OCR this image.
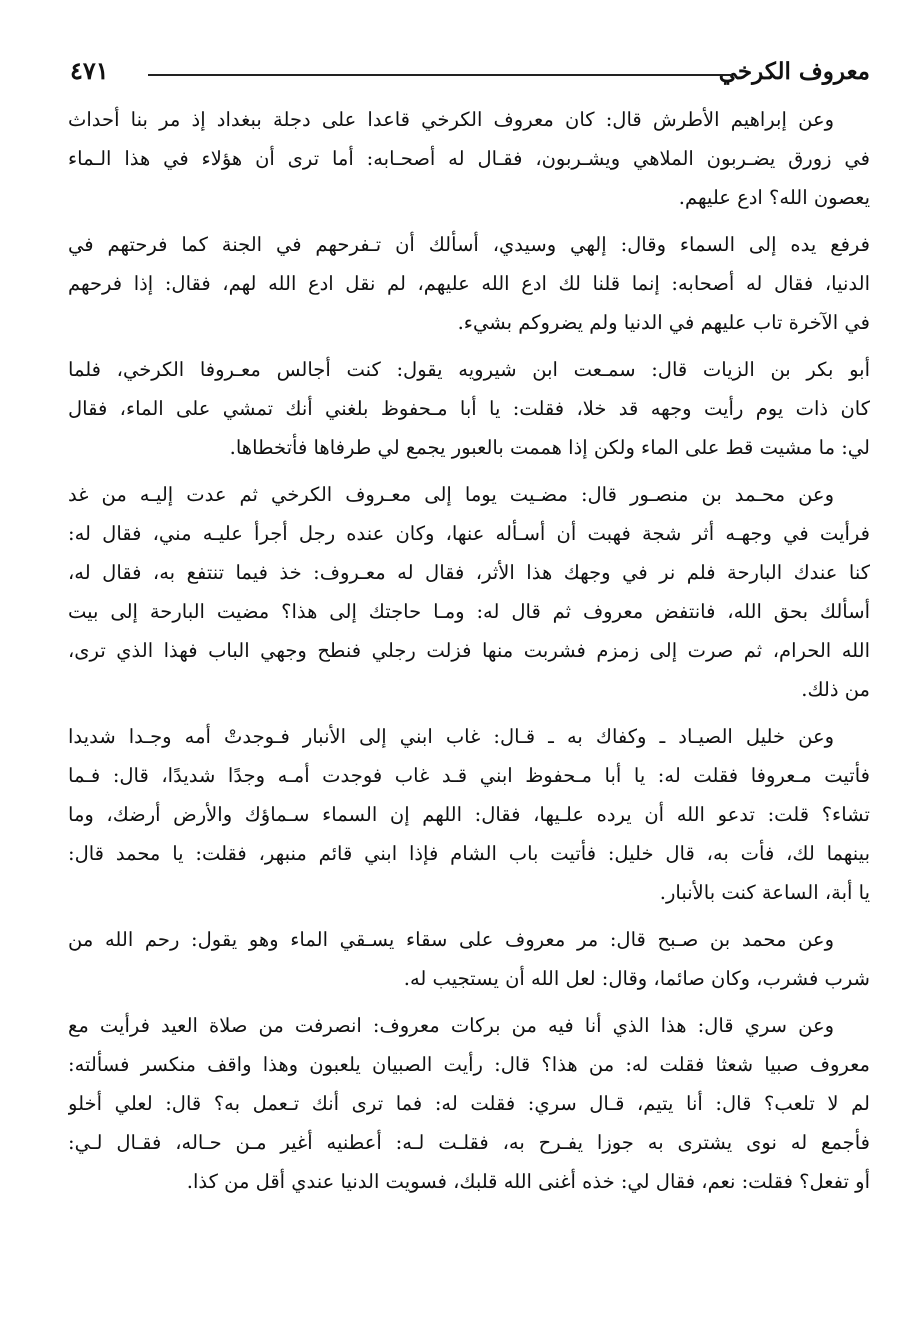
معروف الكرخي
٤٧١
وعن إبراهيم الأطرش قال: كان معروف الكرخي قاعدا على دجلة ببغداد إذ مر بنا أحداث
في زورق يضـربون الملاهي ويشـربون، فقـال له أصحـابه: أما ترى أن هؤلاء في هذا الـماء
يعصون الله؟ ادع عليهم.
فرفع يده إلى السماء وقال: إلهي وسيدي، أسألك أن تـفرحهم في الجنة كما فرحتهم في
الدنيا، فقال له أصحابه: إنما قلنا لك ادع الله عليهم، لم نقل ادع الله لهم، فقال: إذا فرحهم
في الآخرة تاب عليهم في الدنيا ولم يضروكم بشيء.
أبو بكر بن الزيات قال: سمـعت ابن شيرويه يقول: كنت أجالس معـروفا الكرخي، فلما
كان ذات يوم رأيت وجهه قد خلا، فقلت: يا أبا مـحفوظ بلغني أنك تمشي على الماء، فقال
لي: ما مشيت قط على الماء ولكن إذا هممت بالعبور يجمع لي طرفاها فأتخطاها.
وعن محـمد بن منصـور قال: مضـيت يوما إلى معـروف الكرخي ثم عدت إليـه من غد
فرأيت في وجهـه أثر شجة فهبت أن أسـأله عنها، وكان عنده رجل أجرأ عليـه مني، فقال له:
كنا عندك البارحة فلم نر في وجهك هذا الأثر، فقال له معـروف: خذ فيما تنتفع به، فقال له،
أسألك بحق الله، فانتفض معروف ثم قال له: ومـا حاجتك إلى هذا؟ مضيت البارحة إلى بيت
الله الحرام، ثم صرت إلى زمزم فشربت منها فزلت رجلي فنطح وجهي الباب فهذا الذي ترى،
من ذلك.
وعن خليل الصيـاد ـ وكفاك به ـ قـال: غاب ابني إلى الأنبار فـوجدتْ أمه وجـدا شديدا
فأتيت مـعروفا فقلت له: يا أبا مـحفوظ ابني قـد غاب فوجدت أمـه وجدًا شديدًا، قال: فـما
تشاء؟ قلت: تدعو الله أن يرده علـيها، فقال: اللهم إن السماء سـماؤك والأرض أرضك، وما
بينهما لك، فأت به، قال خليل: فأتيت باب الشام فإذا ابني قائم منبهر، فقلت: يا محمد قال:
يا أبة، الساعة كنت بالأنبار.
وعن محمد بن صـبح قال: مر معروف على سقاء يسـقي الماء وهو يقول: رحم الله من
شرب فشرب، وكان صائما، وقال: لعل الله أن يستجيب له.
وعن سري قال: هذا الذي أنا فيه من بركات معروف: انصرفت من صلاة العيد فرأيت مع
معروف صبيا شعثا فقلت له: من هذا؟ قال: رأيت الصبيان يلعبون وهذا واقف منكسر فسألته:
لم لا تلعب؟ قال: أنا يتيم، قـال سري: فقلت له: فما ترى أنك تـعمل به؟ قال: لعلي أخلو
فأجمع له نوى يشترى به جوزا يفـرح به، فقلـت لـه: أعطنيه أغير مـن حـاله، فقـال لـي:
أو تفعل؟ فقلت: نعم، فقال لي: خذه أغنى الله قلبك، فسويت الدنيا عندي أقل من كذا.
